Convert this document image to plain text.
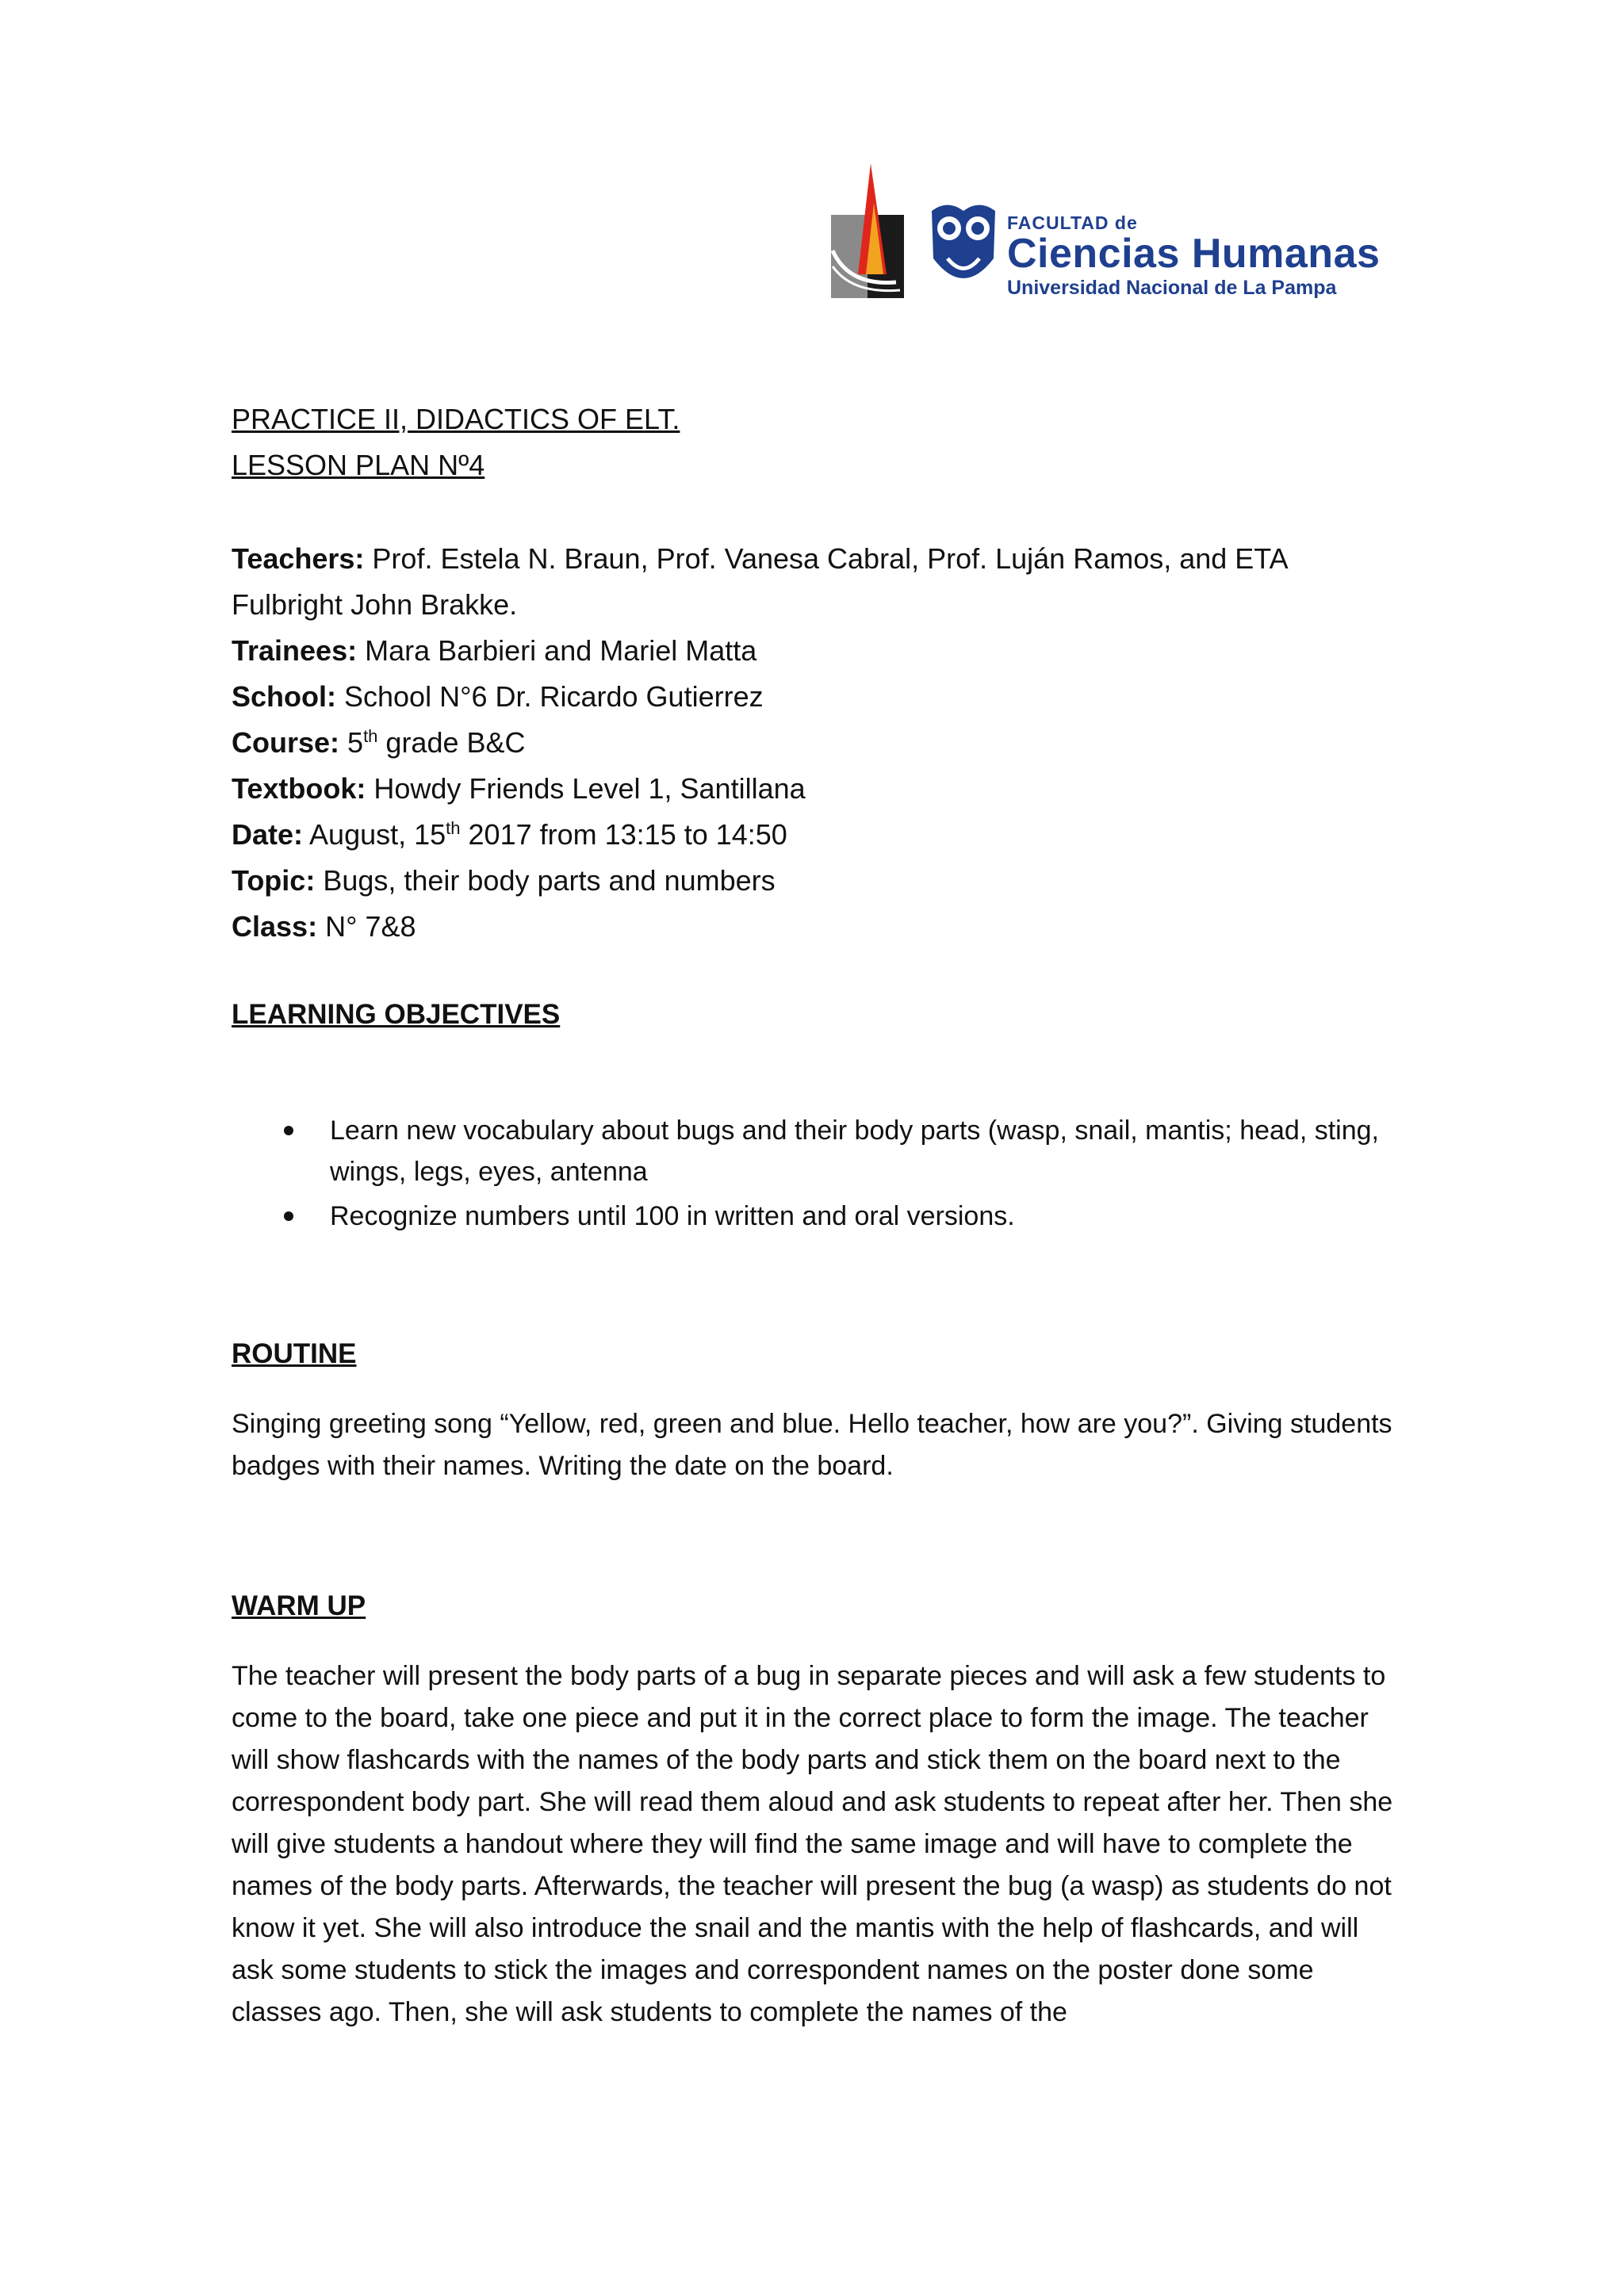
FACULTAD de
Ciencias Humanas
Universidad Nacional de La Pampa
PRACTICE II, DIDACTICS OF ELT.
LESSON PLAN Nº4
Teachers: Prof. Estela N. Braun, Prof. Vanesa Cabral, Prof. Luján Ramos, and ETA
Fulbright John Brakke.
Trainees: Mara Barbieri and Mariel Matta
School: School N°6 Dr. Ricardo Gutierrez
Course: 5th grade B&C
Textbook: Howdy Friends Level 1, Santillana
Date: August, 15th 2017 from 13:15 to 14:50
Topic: Bugs, their body parts and numbers
Class: N° 7&8
LEARNING OBJECTIVES
Learn new vocabulary about bugs and their body parts (wasp, snail, mantis; head, sting, wings, legs, eyes, antenna
Recognize numbers until 100 in written and oral versions.
ROUTINE
Singing greeting song “Yellow, red, green and blue. Hello teacher, how are you?”. Giving students badges with their names. Writing the date on the board.
WARM UP
The teacher will present the body parts of a bug in separate pieces and will ask a few students to come to the board, take one piece and put it in the correct place to form the image. The teacher will show flashcards with the names of the body parts and stick them on the board next to the correspondent body part. She will read them aloud and ask students to repeat after her. Then she will give students a handout where they will find the same image and will have to complete the names of the body parts. Afterwards, the teacher will present the bug (a wasp) as students do not know it yet. She will also introduce the snail and the mantis with the help of flashcards, and will ask some students to stick the images and correspondent names on the poster done some classes ago. Then, she will ask students to complete the names of the
